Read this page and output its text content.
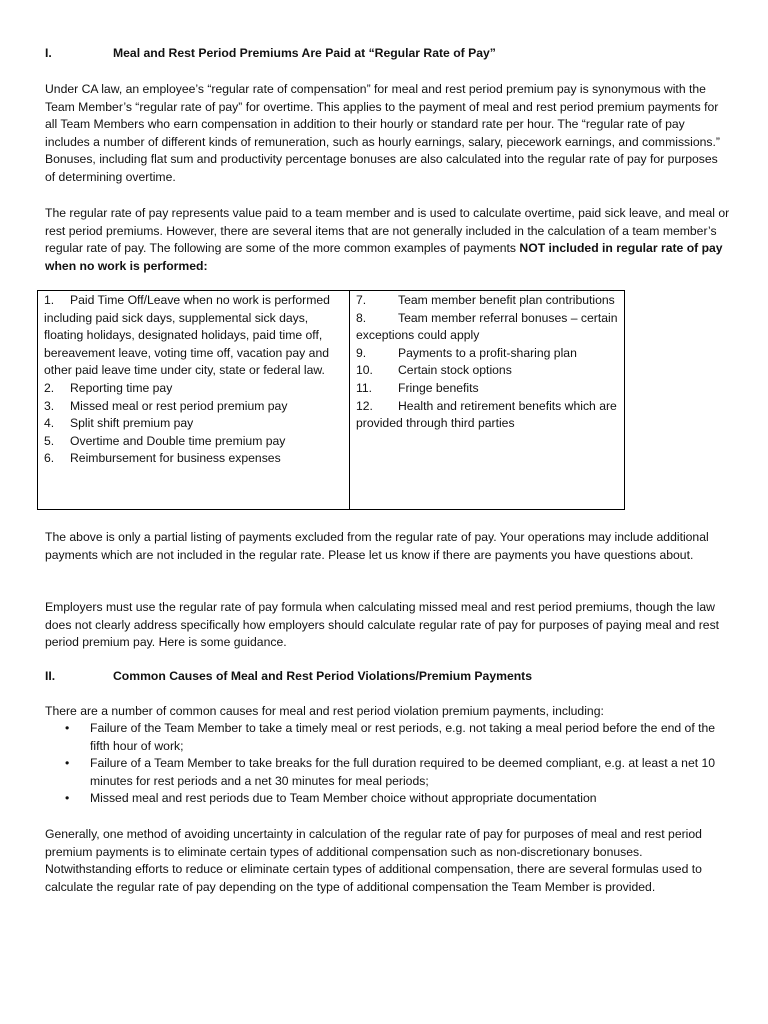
I.	Meal and Rest Period Premiums Are Paid at “Regular Rate of Pay”

Under CA law, an employee’s “regular rate of compensation” for meal and rest period premium pay is synonymous with the Team Member’s “regular rate of pay” for overtime. This applies to the payment of meal and rest period premium payments for all Team Members who earn compensation in addition to their hourly or standard rate per hour. The “regular rate of pay includes a number of different kinds of remuneration, such as hourly earnings, salary, piecework earnings, and commissions.” Bonuses, including flat sum and productivity percentage bonuses are also calculated into the regular rate of pay for purposes of determining overtime.

The regular rate of pay represents value paid to a team member and is used to calculate overtime, paid sick leave, and meal or rest period premiums. However, there are several items that are not generally included in the calculation of a team member’s regular rate of pay. The following are some of the more common examples of payments NOT included in regular rate of pay when no work is performed:

1.	Paid Time Off/Leave when no work is performed including paid sick days, supplemental sick days, floating holidays, designated holidays, paid time off, bereavement leave, voting time off, vacation pay and other paid leave time under city, state or federal law.
2.	Reporting time pay
3.	Missed meal or rest period premium pay
4.	Split shift premium pay
5.	Overtime and Double time premium pay
6.	Reimbursement for business expenses

7.	Team member benefit plan contributions
8.	Team member referral bonuses – certain exceptions could apply
9.	Payments to a profit-sharing plan
10.	Certain stock options
11.	Fringe benefits
12.	Health and retirement benefits which are provided through third parties

The above is only a partial listing of payments excluded from the regular rate of pay. Your operations may include additional payments which are not included in the regular rate. Please let us know if there are payments you have questions about.

Employers must use the regular rate of pay formula when calculating missed meal and rest period premiums, though the law does not clearly address specifically how employers should calculate regular rate of pay for purposes of paying meal and rest period premium pay. Here is some guidance.

II.	Common Causes of Meal and Rest Period Violations/Premium Payments

There are a number of common causes for meal and rest period violation premium payments, including:

• Failure of the Team Member to take a timely meal or rest periods, e.g. not taking a meal period before the end of the fifth hour of work;
• Failure of a Team Member to take breaks for the full duration required to be deemed compliant, e.g. at least a net 10 minutes for rest periods and a net 30 minutes for meal periods;
• Missed meal and rest periods due to Team Member choice without appropriate documentation

Generally, one method of avoiding uncertainty in calculation of the regular rate of pay for purposes of meal and rest period premium payments is to eliminate certain types of additional compensation such as non-discretionary bonuses. Notwithstanding efforts to reduce or eliminate certain types of additional compensation, there are several formulas used to calculate the regular rate of pay depending on the type of additional compensation the Team Member is provided.
